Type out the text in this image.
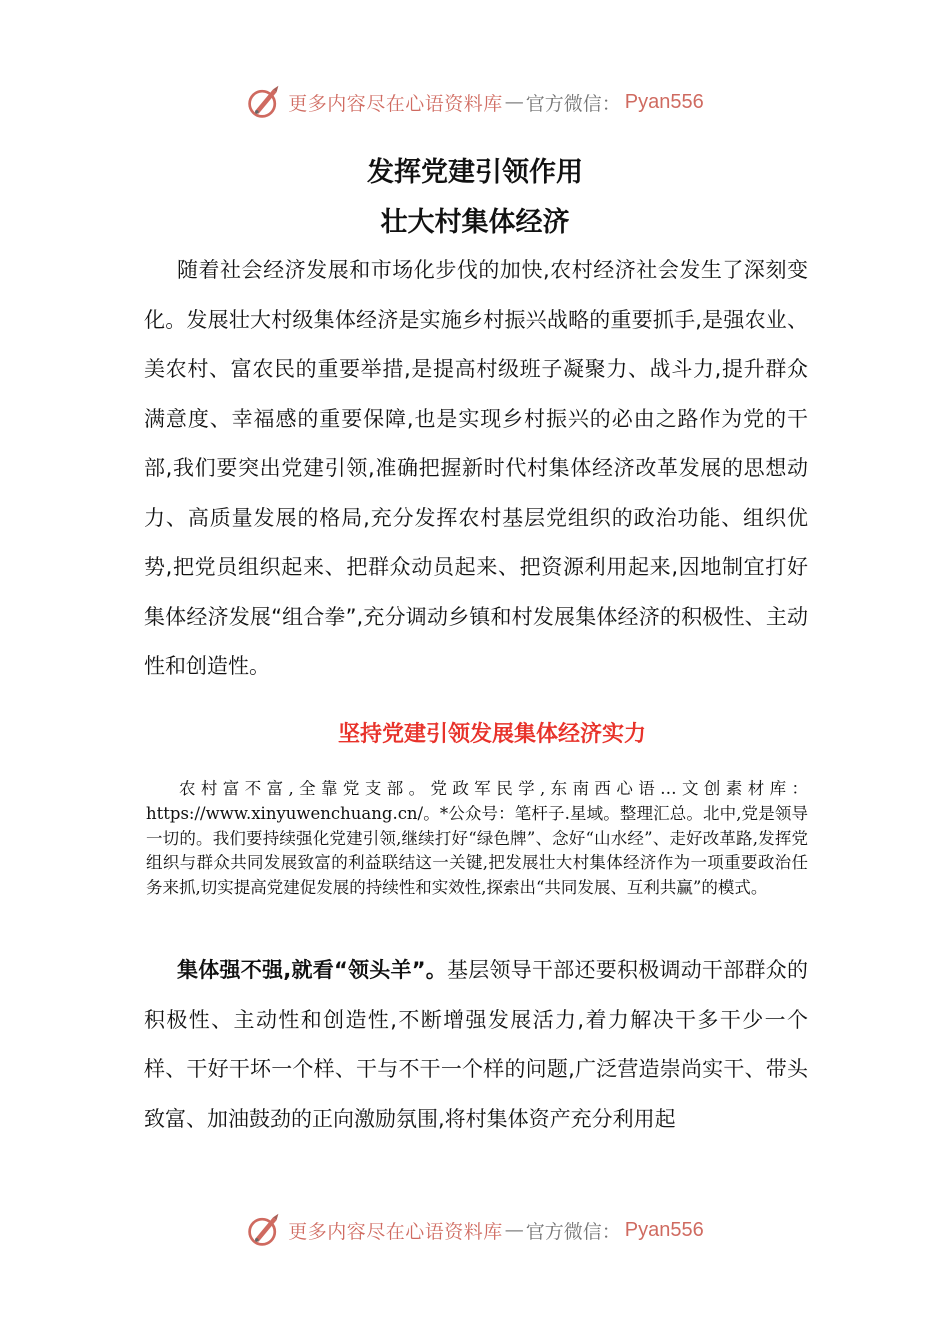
更多内容尽在心语资料库 — 官方微信： Pyan556
发挥党建引领作用
壮大村集体经济

随着社会经济发展和市场化步伐的加快,农村经济社会发生了深刻变化。发展壮大村级集体经济是实施乡村振兴战略的重要抓手,是强农业、美农村、富农民的重要举措,是提高村级班子凝聚力、战斗力,提升群众满意度、幸福感的重要保障,也是实现乡村振兴的必由之路作为党的干部,我们要突出党建引领,准确把握新时代村集体经济改革发展的思想动力、高质量发展的格局,充分发挥农村基层党组织的政治功能、组织优势,把党员组织起来、把群众动员起来、把资源利用起来,因地制宜打好集体经济发展“组合拳”,充分调动乡镇和村发展集体经济的积极性、主动性和创造性。

坚持党建引领发展集体经济实力

农村富不富,全靠党支部。党政军民学,东南西心语…文创素材库：https://www.xinyuwenchuang.cn/。*公众号：笔杆子.星域。整理汇总。北中,党是领导一切的。我们要持续强化党建引领,继续打好“绿色牌”、念好“山水经”、走好改革路,发挥党组织与群众共同发展致富的利益联结这一关键,把发展壮大村集体经济作为一项重要政治任务来抓,切实提高党建促发展的持续性和实效性,探索出“共同发展、互利共赢”的模式。

集体强不强,就看“领头羊”。基层领导干部还要积极调动干部群众的积极性、主动性和创造性,不断增强发展活力,着力解决干多干少一个样、干好干坏一个样、干与不干一个样的问题,广泛营造崇尚实干、带头致富、加油鼓劲的正向激励氛围,将村集体资产充分利用起

更多内容尽在心语资料库 — 官方微信： Pyan556
